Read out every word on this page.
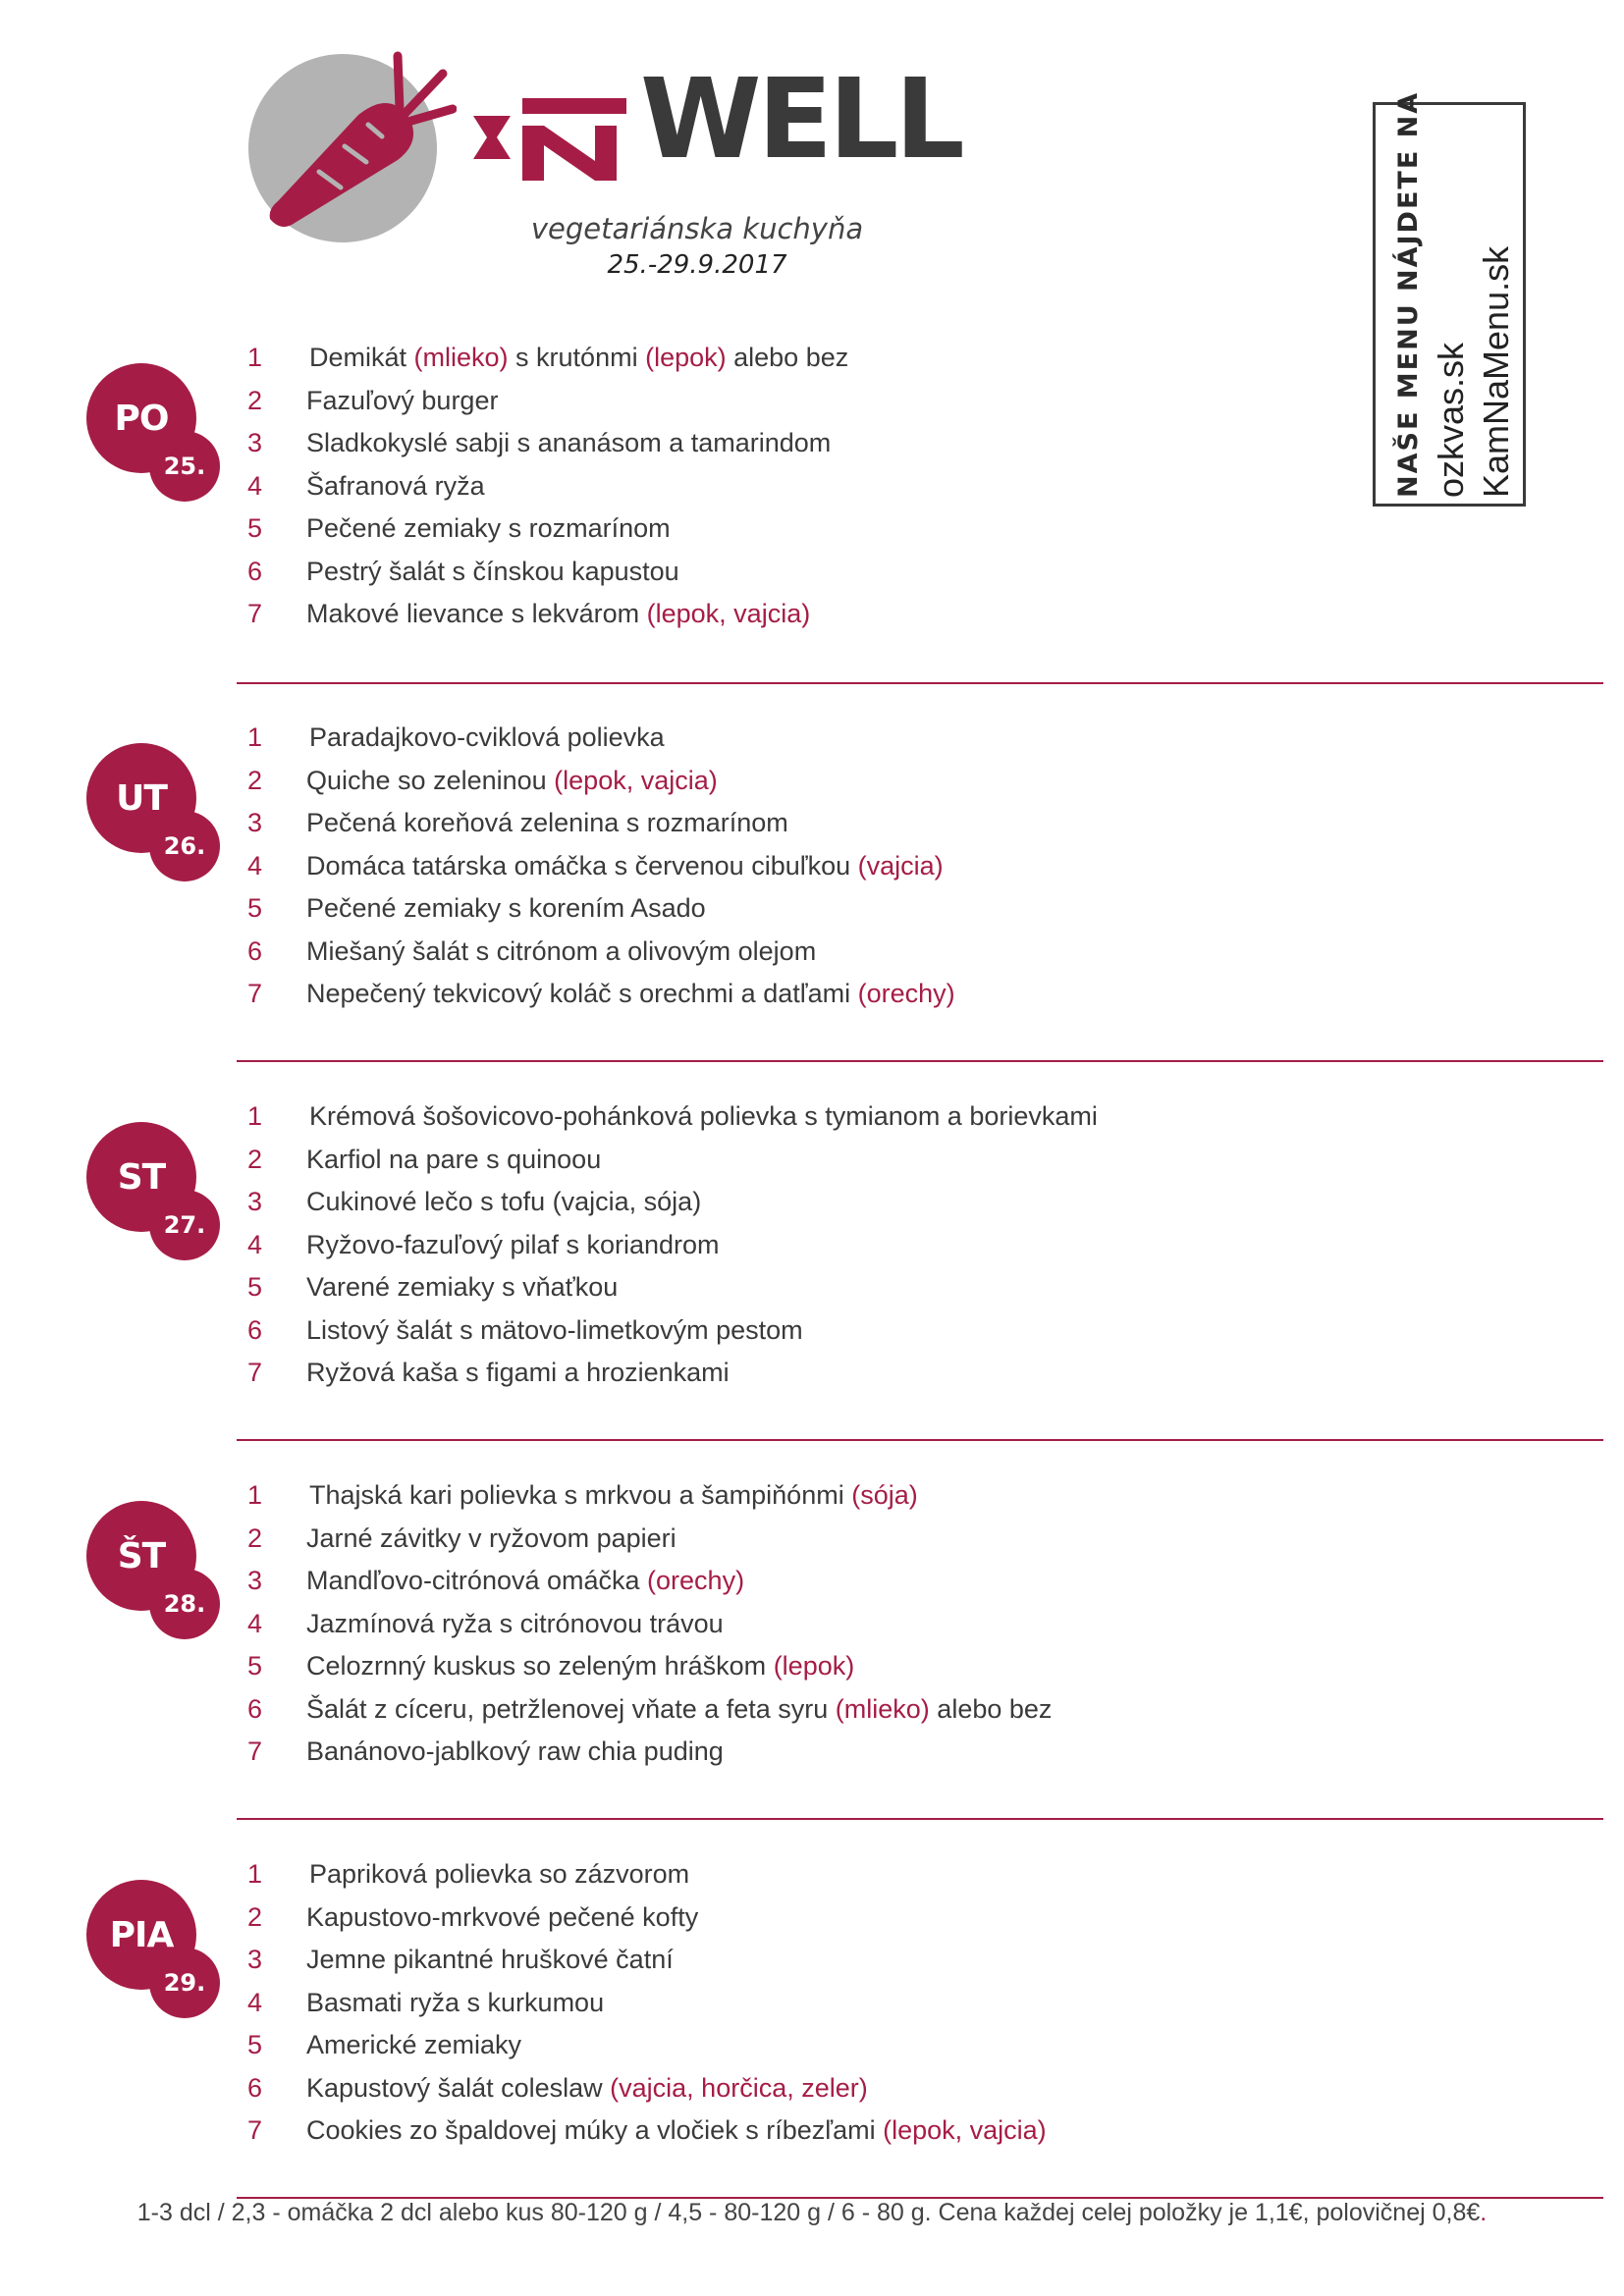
WELL
vegetariánska kuchyňa
25.-29.9.2017	NAŠE MENU NÁJDETE NA ozkvas.sk KamNaMenu.sk
PO
25.
1	Demikát (mlieko) s krutónmi (lepok) alebo bez
2	Fazuľový burger
3	Sladkokyslé sabji s ananásom a tamarindom
4	Šafranová ryža
5	Pečené zemiaky s rozmarínom
6	Pestrý šalát s čínskou kapustou
7	Makové lievance s lekvárom (lepok, vajcia)
UT
26.
1	Paradajkovo-cviklová polievka
2	Quiche so zeleninou (lepok, vajcia)
3	Pečená koreňová zelenina s rozmarínom
4	Domáca tatárska omáčka s červenou cibuľkou (vajcia)
5	Pečené zemiaky s korením Asado
6	Miešaný šalát s citrónom a olivovým olejom
7	Nepečený tekvicový koláč s orechmi a datľami (orechy)
ST
27.
1	Krémová šošovicovo-pohánková polievka s tymianom a borievkami
2	Karfiol na pare s quinoou
3	Cukinové lečo s tofu (vajcia, sója)
4	Ryžovo-fazuľový pilaf s koriandrom
5	Varené zemiaky s vňaťkou
6	Listový šalát s mätovo-limetkovým pestom
7	Ryžová kaša s figami a hrozienkami
ŠT
28.
1	Thajská kari polievka s mrkvou a šampiňónmi (sója)
2	Jarné závitky v ryžovom papieri
3	Mandľovo-citrónová omáčka (orechy)
4	Jazmínová ryža s citrónovou trávou
5	Celozrnný kuskus so zeleným hráškom (lepok)
6	Šalát z cíceru, petržlenovej vňate a feta syru (mlieko) alebo bez
7	Banánovo-jablkový raw chia puding
PIA
29.
1	Papriková polievka so zázvorom
2	Kapustovo-mrkvové pečené kofty
3	Jemne pikantné hruškové čatní
4	Basmati ryža s kurkumou
5	Americké zemiaky
6	Kapustový šalát coleslaw (vajcia, horčica, zeler)
7	Cookies zo špaldovej múky a vločiek s ríbezľami (lepok, vajcia)
1-3 dcl / 2,3 - omáčka 2 dcl alebo kus 80-120 g / 4,5 - 80-120 g / 6 - 80 g. Cena každej celej položky je 1,1€, polovičnej 0,8€.
